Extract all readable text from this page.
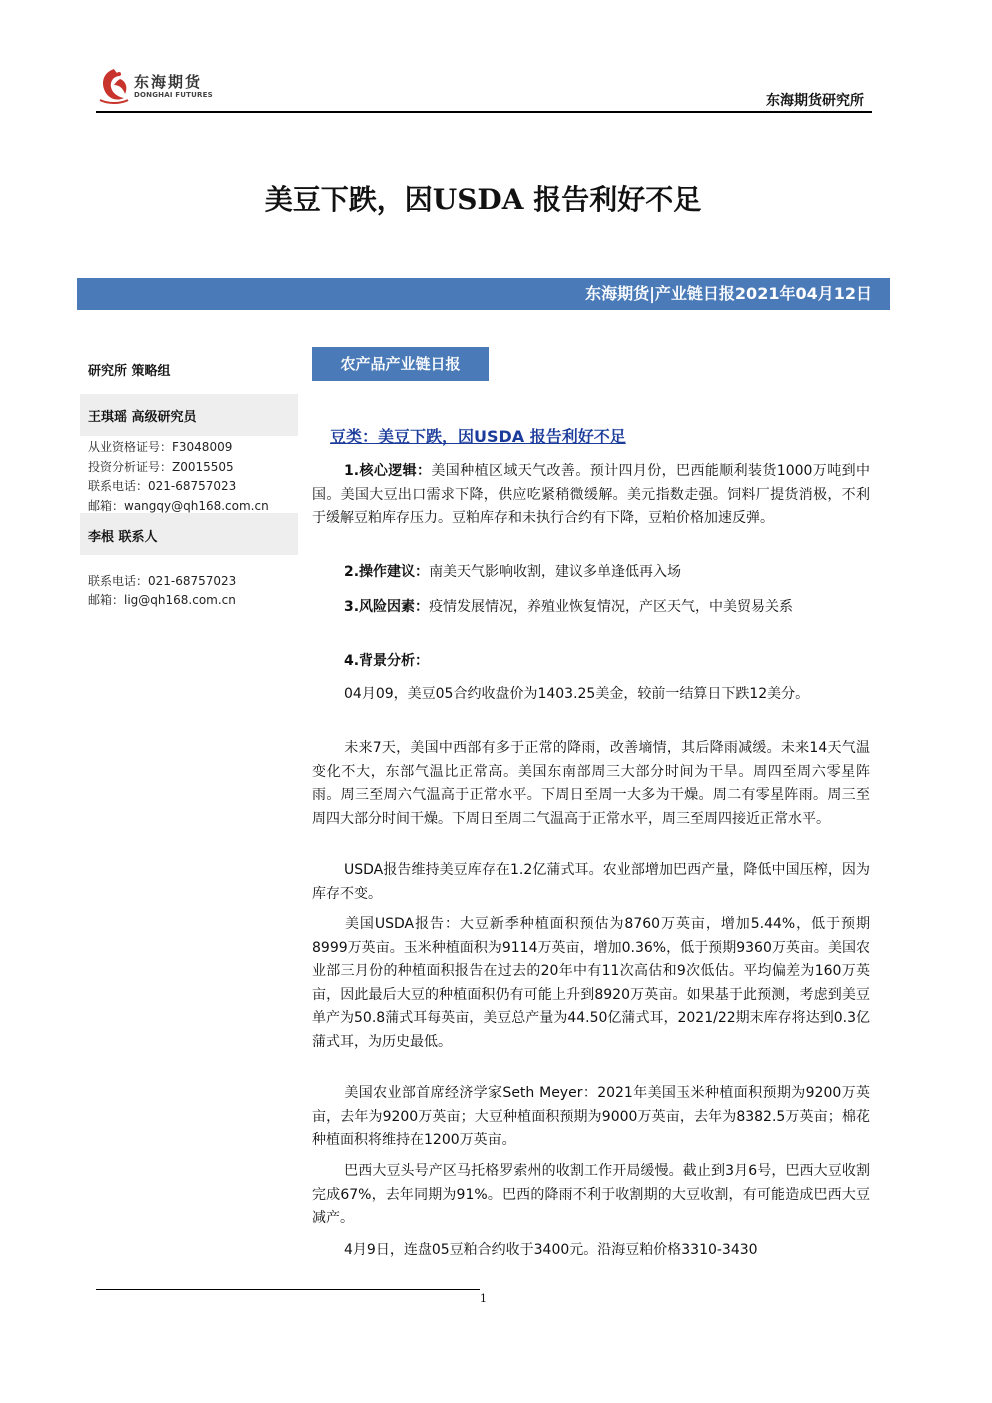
东海期货
DONGHAI FUTURES	东海期货研究所
美豆下跌，因USDA 报告利好不足
东海期货|产业链日报2021年04月12日
研究所 策略组
王琪瑶 高级研究员
从业资格证号：F3048009
投资分析证号：Z0015505
联系电话：021-68757023
邮箱：wangqy@qh168.com.cn
李根 联系人
联系电话：021-68757023
邮箱：lig@qh168.com.cn
农产品产业链日报
豆类：美豆下跌，因USDA 报告利好不足
1.核心逻辑：美国种植区域天气改善。预计四月份，巴西能顺利装货1000万吨到中国。美国大豆出口需求下降，供应吃紧稍微缓解。美元指数走强。饲料厂提货消极，不利于缓解豆粕库存压力。豆粕库存和未执行合约有下降，豆粕价格加速反弹。
2.操作建议：南美天气影响收割，建议多单逢低再入场
3.风险因素：疫情发展情况，养殖业恢复情况，产区天气，中美贸易关系
4.背景分析：
04月09，美豆05合约收盘价为1403.25美金，较前一结算日下跌12美分。
未来7天，美国中西部有多于正常的降雨，改善墒情，其后降雨减缓。未来14天气温变化不大，东部气温比正常高。美国东南部周三大部分时间为干旱。周四至周六零星阵雨。周三至周六气温高于正常水平。下周日至周一大多为干燥。周二有零星阵雨。周三至周四大部分时间干燥。下周日至周二气温高于正常水平，周三至周四接近正常水平。
USDA报告维持美豆库存在1.2亿蒲式耳。农业部增加巴西产量，降低中国压榨，因为库存不变。
美国USDA报告：大豆新季种植面积预估为8760万英亩，增加5.44%，低于预期8999万英亩。玉米种植面积为9114万英亩，增加0.36%，低于预期9360万英亩。美国农业部三月份的种植面积报告在过去的20年中有11次高估和9次低估。平均偏差为160万英亩，因此最后大豆的种植面积仍有可能上升到8920万英亩。如果基于此预测，考虑到美豆单产为50.8蒲式耳每英亩，美豆总产量为44.50亿蒲式耳，2021/22期末库存将达到0.3亿蒲式耳，为历史最低。
美国农业部首席经济学家Seth Meyer：2021年美国玉米种植面积预期为9200万英亩，去年为9200万英亩；大豆种植面积预期为9000万英亩，去年为8382.5万英亩；棉花种植面积将维持在1200万英亩。
巴西大豆头号产区马托格罗索州的收割工作开局缓慢。截止到3月6号，巴西大豆收割完成67%，去年同期为91%。巴西的降雨不利于收割期的大豆收割，有可能造成巴西大豆减产。
4月9日，连盘05豆粕合约收于3400元。沿海豆粕价格3310-3430
1
